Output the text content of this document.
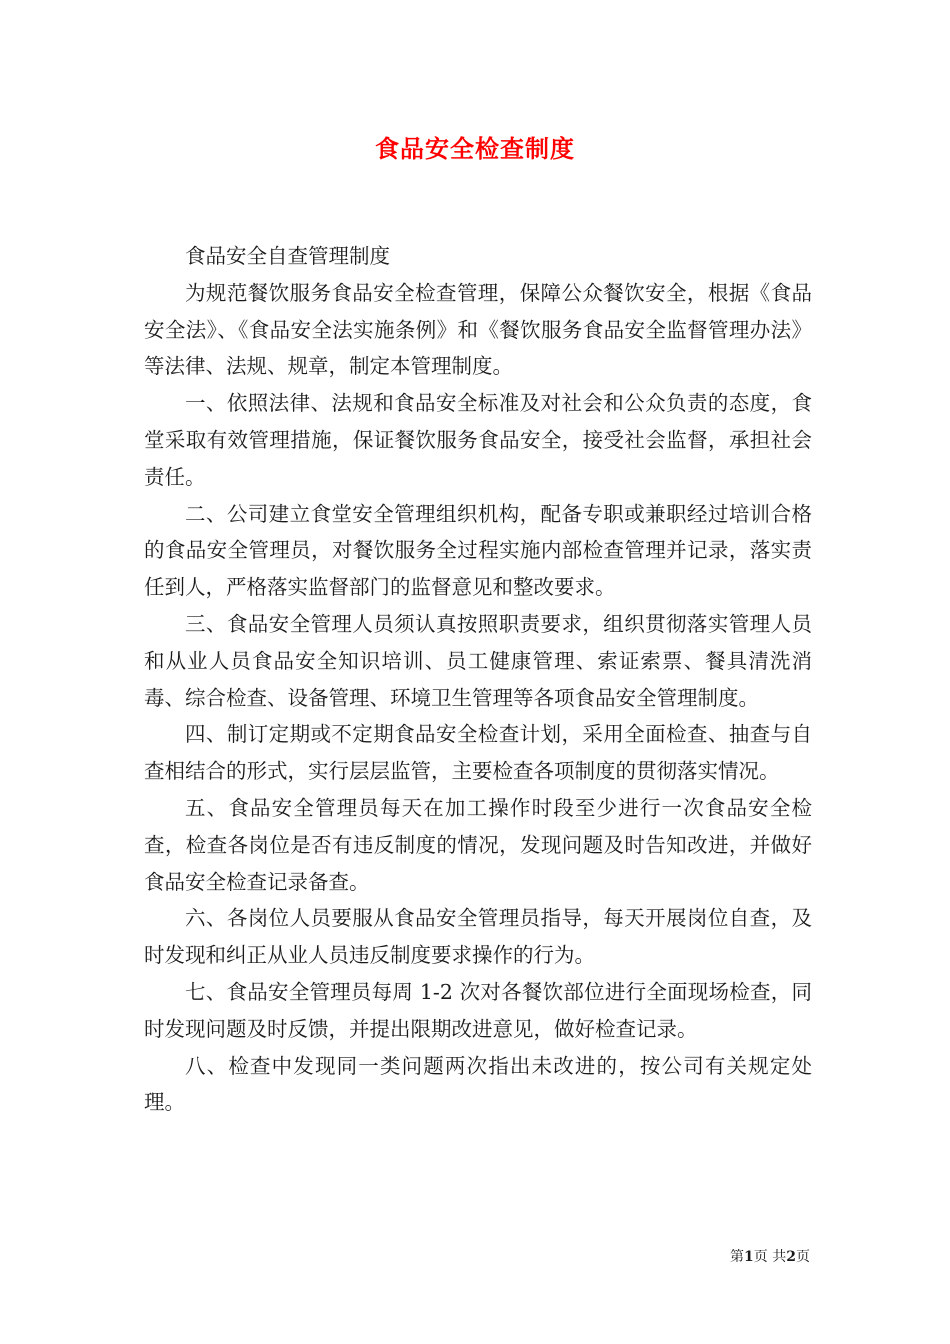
食品安全检查制度

食品安全自查管理制度

为规范餐饮服务食品安全检查管理，保障公众餐饮安全，根据《食品安全法》、《食品安全法实施条例》和《餐饮服务食品安全监督管理办法》等法律、法规、规章，制定本管理制度。

一、依照法律、法规和食品安全标准及对社会和公众负责的态度，食堂采取有效管理措施，保证餐饮服务食品安全，接受社会监督，承担社会责任。

二、公司建立食堂安全管理组织机构，配备专职或兼职经过培训合格的食品安全管理员，对餐饮服务全过程实施内部检查管理并记录，落实责任到人，严格落实监督部门的监督意见和整改要求。

三、食品安全管理人员须认真按照职责要求，组织贯彻落实管理人员和从业人员食品安全知识培训、员工健康管理、索证索票、餐具清洗消毒、综合检查、设备管理、环境卫生管理等各项食品安全管理制度。

四、制订定期或不定期食品安全检查计划，采用全面检查、抽查与自查相结合的形式，实行层层监管，主要检查各项制度的贯彻落实情况。

五、食品安全管理员每天在加工操作时段至少进行一次食品安全检查，检查各岗位是否有违反制度的情况，发现问题及时告知改进，并做好食品安全检查记录备查。

六、各岗位人员要服从食品安全管理员指导，每天开展岗位自查，及时发现和纠正从业人员违反制度要求操作的行为。

七、食品安全管理员每周 1-2 次对各餐饮部位进行全面现场检查，同时发现问题及时反馈，并提出限期改进意见，做好检查记录。

八、检查中发现同一类问题两次指出未改进的，按公司有关规定处理。

第1页 共2页
